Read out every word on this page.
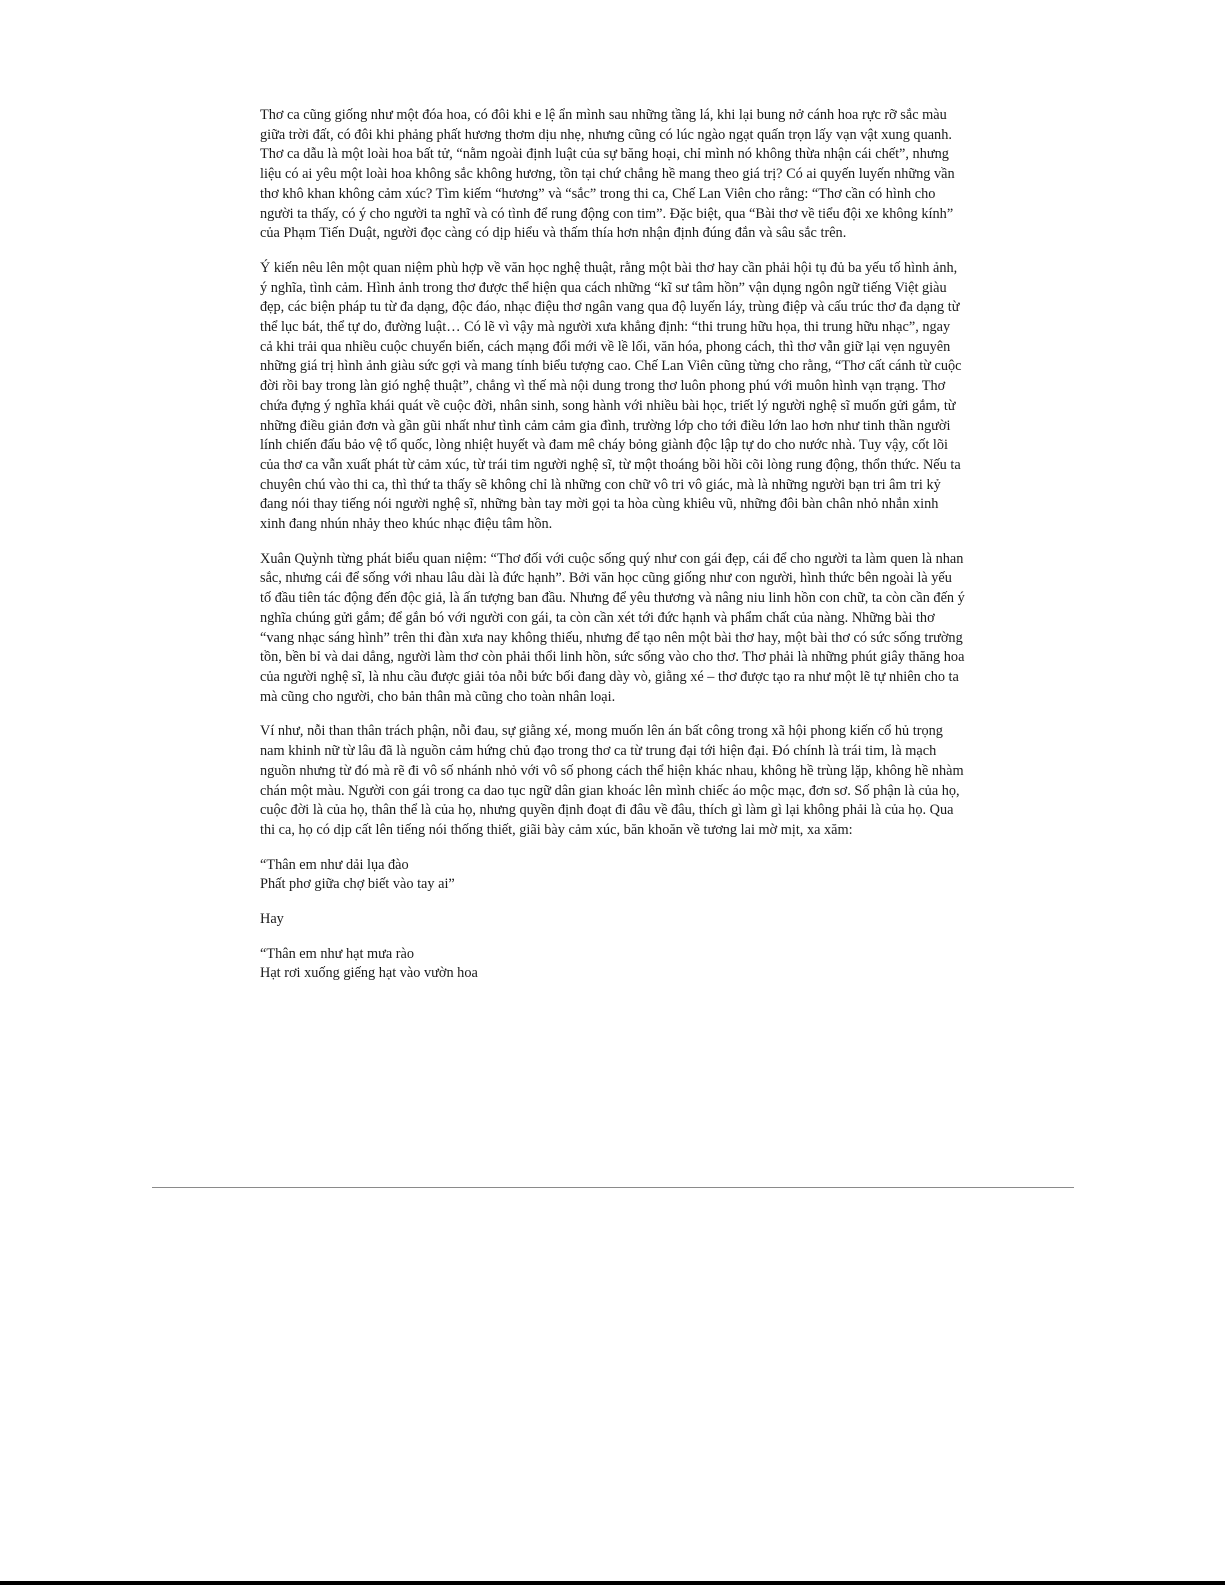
Thơ ca cũng giống như một đóa hoa, có đôi khi e lệ ẩn mình sau những tầng lá, khi lại bung nở cánh hoa rực rỡ sắc màu giữa trời đất, có đôi khi phảng phất hương thơm dịu nhẹ, nhưng cũng có lúc ngào ngạt quấn trọn lấy vạn vật xung quanh. Thơ ca dẫu là một loài hoa bất tử, “nằm ngoài định luật của sự băng hoại, chỉ mình nó không thừa nhận cái chết”, nhưng liệu có ai yêu một loài hoa không sắc không hương, tồn tại chứ chẳng hề mang theo giá trị? Có ai quyến luyến những vần thơ khô khan không cảm xúc? Tìm kiếm “hương” và “sắc” trong thi ca, Chế Lan Viên cho rằng: “Thơ cần có hình cho người ta thấy, có ý cho người ta nghĩ và có tình để rung động con tim”. Đặc biệt, qua “Bài thơ về tiểu đội xe không kính” của Phạm Tiến Duật, người đọc càng có dịp hiểu và thấm thía hơn nhận định đúng đắn và sâu sắc trên.

Ý kiến nêu lên một quan niệm phù hợp về văn học nghệ thuật, rằng một bài thơ hay cần phải hội tụ đủ ba yếu tố hình ảnh, ý nghĩa, tình cảm. Hình ảnh trong thơ được thể hiện qua cách những “kĩ sư tâm hồn” vận dụng ngôn ngữ tiếng Việt giàu đẹp, các biện pháp tu từ đa dạng, độc đáo, nhạc điệu thơ ngân vang qua độ luyến láy, trùng điệp và cấu trúc thơ đa dạng từ thể lục bát, thể tự do, đường luật… Có lẽ vì vậy mà người xưa khẳng định: “thi trung hữu họa, thi trung hữu nhạc”, ngay cả khi trải qua nhiều cuộc chuyển biến, cách mạng đổi mới về lề lối, văn hóa, phong cách, thì thơ vẫn giữ lại vẹn nguyên những giá trị hình ảnh giàu sức gợi và mang tính biểu tượng cao. Chế Lan Viên cũng từng cho rằng, “Thơ cất cánh từ cuộc đời rồi bay trong làn gió nghệ thuật”, chẳng vì thế mà nội dung trong thơ luôn phong phú với muôn hình vạn trạng. Thơ chứa đựng ý nghĩa khái quát về cuộc đời, nhân sinh, song hành với nhiều bài học, triết lý người nghệ sĩ muốn gửi gắm, từ những điều giản đơn và gần gũi nhất như tình cảm cảm gia đình, trường lớp cho tới điều lớn lao hơn như tinh thần người lính chiến đấu bảo vệ tổ quốc, lòng nhiệt huyết và đam mê cháy bỏng giành độc lập tự do cho nước nhà. Tuy vậy, cốt lõi của thơ ca vẫn xuất phát từ cảm xúc, từ trái tim người nghệ sĩ, từ một thoáng bồi hồi cõi lòng rung động, thổn thức. Nếu ta chuyên chú vào thi ca, thì thứ ta thấy sẽ không chỉ là những con chữ vô tri vô giác, mà là những người bạn tri âm tri kỷ đang nói thay tiếng nói người nghệ sĩ, những bàn tay mời gọi ta hòa cùng khiêu vũ, những đôi bàn chân nhỏ nhắn xinh xinh đang nhún nhảy theo khúc nhạc điệu tâm hồn.

Xuân Quỳnh từng phát biểu quan niệm: “Thơ đối với cuộc sống quý như con gái đẹp, cái để cho người ta làm quen là nhan sắc, nhưng cái để sống với nhau lâu dài là đức hạnh”. Bởi văn học cũng giống như con người, hình thức bên ngoài là yếu tố đầu tiên tác động đến độc giả, là ấn tượng ban đầu. Nhưng để yêu thương và nâng niu linh hồn con chữ, ta còn cần đến ý nghĩa chúng gửi gắm; để gắn bó với người con gái, ta còn cần xét tới đức hạnh và phẩm chất của nàng. Những bài thơ “vang nhạc sáng hình” trên thi đàn xưa nay không thiếu, nhưng để tạo nên một bài thơ hay, một bài thơ có sức sống trường tồn, bền bỉ và dai dẳng, người làm thơ còn phải thổi linh hồn, sức sống vào cho thơ. Thơ phải là những phút giây thăng hoa của người nghệ sĩ, là nhu cầu được giải tỏa nỗi bức bối đang dày vò, giằng xé – thơ được tạo ra như một lẽ tự nhiên cho ta mà cũng cho người, cho bản thân mà cũng cho toàn nhân loại.

Ví như, nỗi than thân trách phận, nỗi đau, sự giằng xé, mong muốn lên án bất công trong xã hội phong kiến cổ hủ trọng nam khinh nữ từ lâu đã là nguồn cảm hứng chủ đạo trong thơ ca từ trung đại tới hiện đại. Đó chính là trái tim, là mạch nguồn nhưng từ đó mà rẽ đi vô số nhánh nhỏ với vô số phong cách thể hiện khác nhau, không hề trùng lặp, không hề nhàm chán một màu. Người con gái trong ca dao tục ngữ dân gian khoác lên mình chiếc áo mộc mạc, đơn sơ. Số phận là của họ, cuộc đời là của họ, thân thể là của họ, nhưng quyền định đoạt đi đâu về đâu, thích gì làm gì lại không phải là của họ. Qua thi ca, họ có dịp cất lên tiếng nói thống thiết, giãi bày cảm xúc, băn khoăn về tương lai mờ mịt, xa xăm:

“Thân em như dải lụa đào
Phất phơ giữa chợ biết vào tay ai”

Hay

“Thân em như hạt mưa rào
Hạt rơi xuống giếng hạt vào vườn hoa
